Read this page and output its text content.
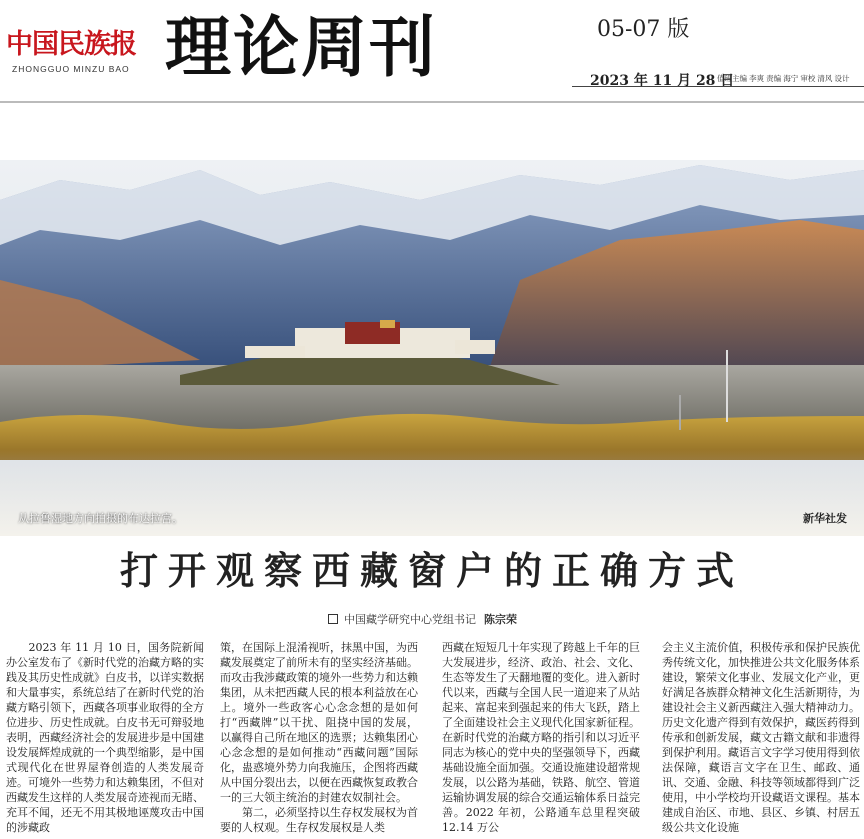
中国民族报
ZHONGGUO MINZU BAO 理论周刊	05-07 版
2023 年 11 月 28 日
值班主编 李爽 责编 海宁 审校 清风 设计
从拉鲁湿地方向拍摄的布达拉宫。	新华社发
打开观察西藏窗户的正确方式
中国藏学研究中心党组书记 陈宗荣

　　2023 年 11 月 10 日，国务院新闻办公室发布了《新时代党的治藏方略的实践及其历史性成就》白皮书，以详实数据和大量事实，系统总结了在新时代党的治藏方略引领下，西藏各项事业取得的全方位进步、历史性成就。白皮书无可辩驳地表明，西藏经济社会的发展进步是中国建设发展辉煌成就的一个典型缩影，是中国式现代化在世界屋脊创造的人类发展奇迹。可境外一些势力和达赖集团，不但对西藏发生这样的人类发展奇迹视而无睹、充耳不闻，还无不用其极地诬蔑攻击中国的涉藏政

策，在国际上混淆视听，抹黑中国，为西藏发展奠定了前所未有的坚实经济基础。而攻击我涉藏政策的境外一些势力和达赖集团，从未把西藏人民的根本利益放在心上。境外一些政客心心念念想的是如何打“西藏牌”以干扰、阻挠中国的发展，以赢得自己所在地区的选票；达赖集团心心念念想的是如何推动“西藏问题”国际化，蛊惑境外势力向我施压，企图将西藏从中国分裂出去，以便在西藏恢复政教合一的三大领主统治的封建农奴制社会。
　　第二，必须坚持以生存权发展权为首要的人权观。生存权发展权是人类

西藏在短短几十年实现了跨越上千年的巨大发展进步，经济、政治、社会、文化、生态等发生了天翻地覆的变化。进入新时代以来，西藏与全国人民一道迎来了从站起来、富起来到强起来的伟大飞跃，踏上了全面建设社会主义现代化国家新征程。在新时代党的治藏方略的指引和以习近平同志为核心的党中央的坚强领导下，西藏基础设施全面加强。交通设施建设超常规发展，以公路为基础，铁路、航空、管道运输协调发展的综合交通运输体系日益完善。2022 年初，公路通车总里程突破 12.14 万公

会主义主流价值，积极传承和保护民族优秀传统文化，加快推进公共文化服务体系建设，繁荣文化事业、发展文化产业，更好满足各族群众精神文化生活新期待，为建设社会主义新西藏注入强大精神动力。历史文化遗产得到有效保护，藏医药得到传承和创新发展，藏文古籍文献和非遗得到保护利用。藏语言文字学习使用得到依法保障，藏语言文字在卫生、邮政、通讯、交通、金融、科技等领域都得到广泛使用，中小学校均开设藏语文课程。基本建成自治区、市地、县区、乡镇、村居五级公共文化设施
